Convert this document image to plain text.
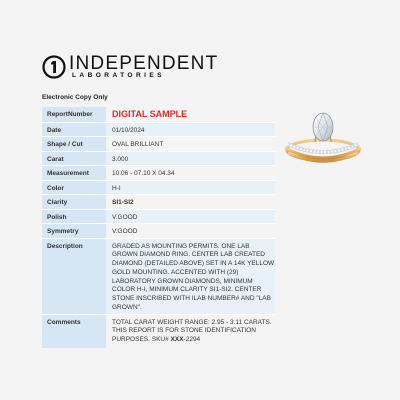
INDEPENDENT
LABORATORIES
Electronic Copy Only
ReportNumber	DIGITAL SAMPLE
Date	01/10/2024
Shape / Cut	OVAL BRILLIANT
Carat	3.000
Measurement	10.06 - 07.10 X 04.34
Color	H-I
Clarity	SI1-SI2
Polish	V.GOOD
Symmetry	V.GOOD
Description	GRADED AS MOUNTING PERMITS. ONE LAB GROWN DIAMOND RING. CENTER LAB CREATED DIAMOND (DETAILED ABOVE) SET IN A 14K YELLOW GOLD MOUNTING. ACCENTED WITH (29) LABORATORY GROWN DIAMONDS, MINIMUM COLOR H-I, MINIMUM CLARITY SI1-SI2. CENTER STONE INSCRIBED WITH ILAB NUMBER# AND "LAB GROWN".
Comments	TOTAL CARAT WEIGHT RANGE: 2.95 - 3.11 CARATS. THIS REPORT IS FOR STONE IDENTIFICATION PURPOSES. SKU# XXX-2294
